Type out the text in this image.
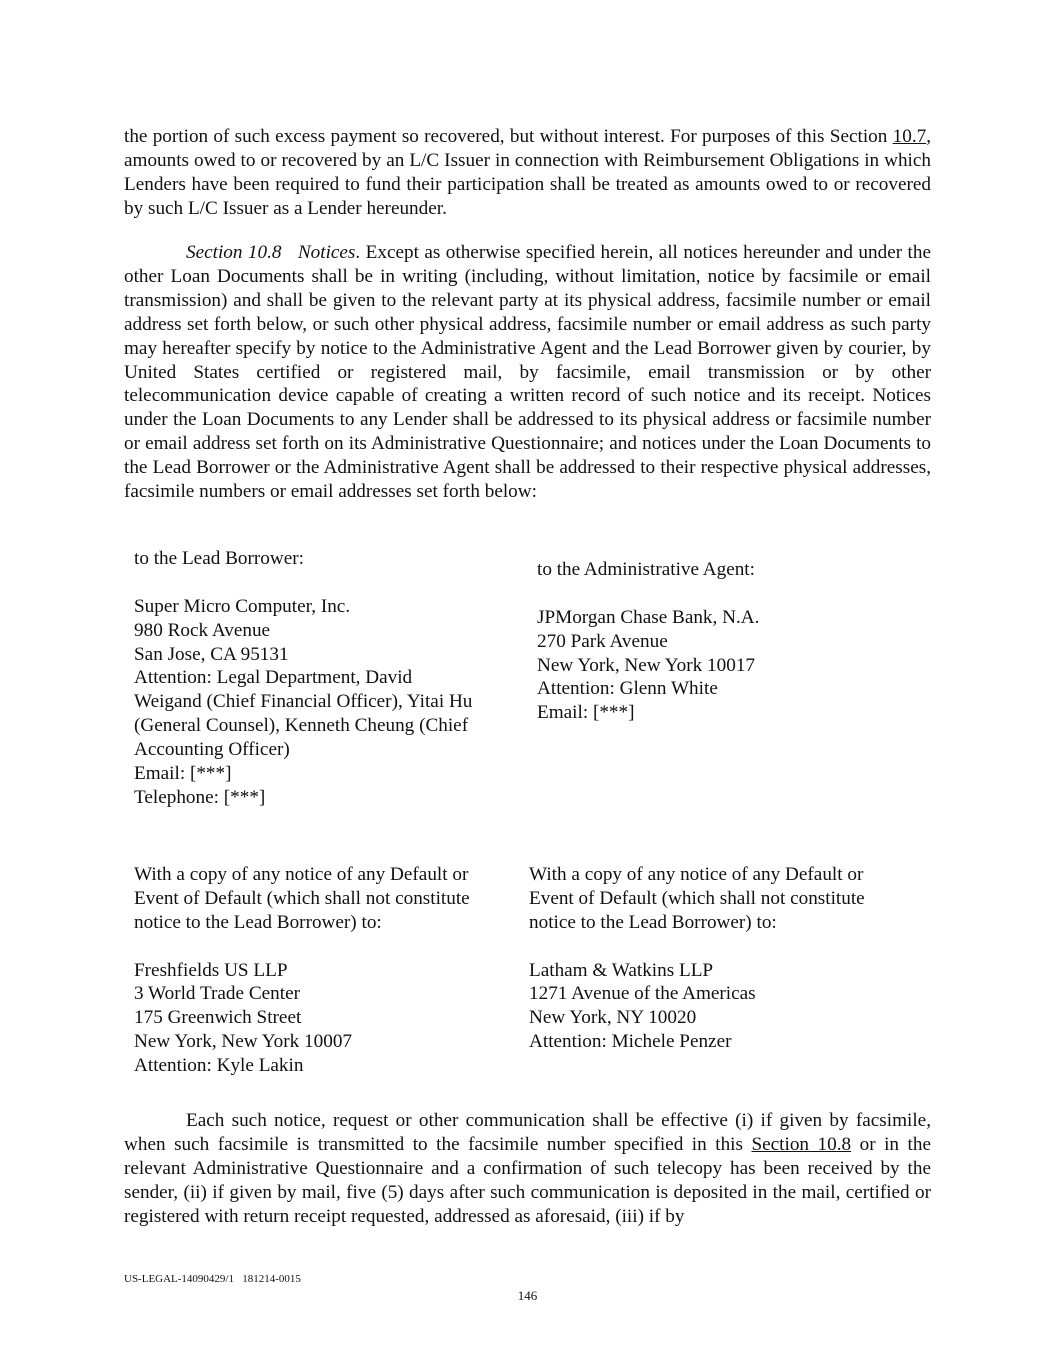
the portion of such excess payment so recovered, but without interest. For purposes of this Section 10.7, amounts owed to or recovered by an L/C Issuer in connection with Reimbursement Obligations in which Lenders have been required to fund their participation shall be treated as amounts owed to or recovered by such L/C Issuer as a Lender hereunder.

Section 10.8 Notices. Except as otherwise specified herein, all notices hereunder and under the other Loan Documents shall be in writing (including, without limitation, notice by facsimile or email transmission) and shall be given to the relevant party at its physical address, facsimile number or email address set forth below, or such other physical address, facsimile number or email address as such party may hereafter specify by notice to the Administrative Agent and the Lead Borrower given by courier, by United States certified or registered mail, by facsimile, email transmission or by other telecommunication device capable of creating a written record of such notice and its receipt. Notices under the Loan Documents to any Lender shall be addressed to its physical address or facsimile number or email address set forth on its Administrative Questionnaire; and notices under the Loan Documents to the Lead Borrower or the Administrative Agent shall be addressed to their respective physical addresses, facsimile numbers or email addresses set forth below:

to the Lead Borrower:
Super Micro Computer, Inc.
980 Rock Avenue
San Jose, CA 95131
Attention: Legal Department, David
Weigand (Chief Financial Officer), Yitai Hu
(General Counsel), Kenneth Cheung (Chief
Accounting Officer)
Email: [***]
Telephone: [***]
to the Administrative Agent:
JPMorgan Chase Bank, N.A.
270 Park Avenue
New York, New York 10017
Attention: Glenn White
Email: [***]
With a copy of any notice of any Default or
Event of Default (which shall not constitute
notice to the Lead Borrower) to:
Freshfields US LLP
3 World Trade Center
175 Greenwich Street
New York, New York 10007
Attention: Kyle Lakin
With a copy of any notice of any Default or
Event of Default (which shall not constitute
notice to the Lead Borrower) to:
Latham & Watkins LLP
1271 Avenue of the Americas
New York, NY 10020
Attention: Michele Penzer

Each such notice, request or other communication shall be effective (i) if given by facsimile, when such facsimile is transmitted to the facsimile number specified in this Section 10.8 or in the relevant Administrative Questionnaire and a confirmation of such telecopy has been received by the sender, (ii) if given by mail, five (5) days after such communication is deposited in the mail, certified or registered with return receipt requested, addressed as aforesaid, (iii) if by

US-LEGAL-14090429/1   181214-0015
146
